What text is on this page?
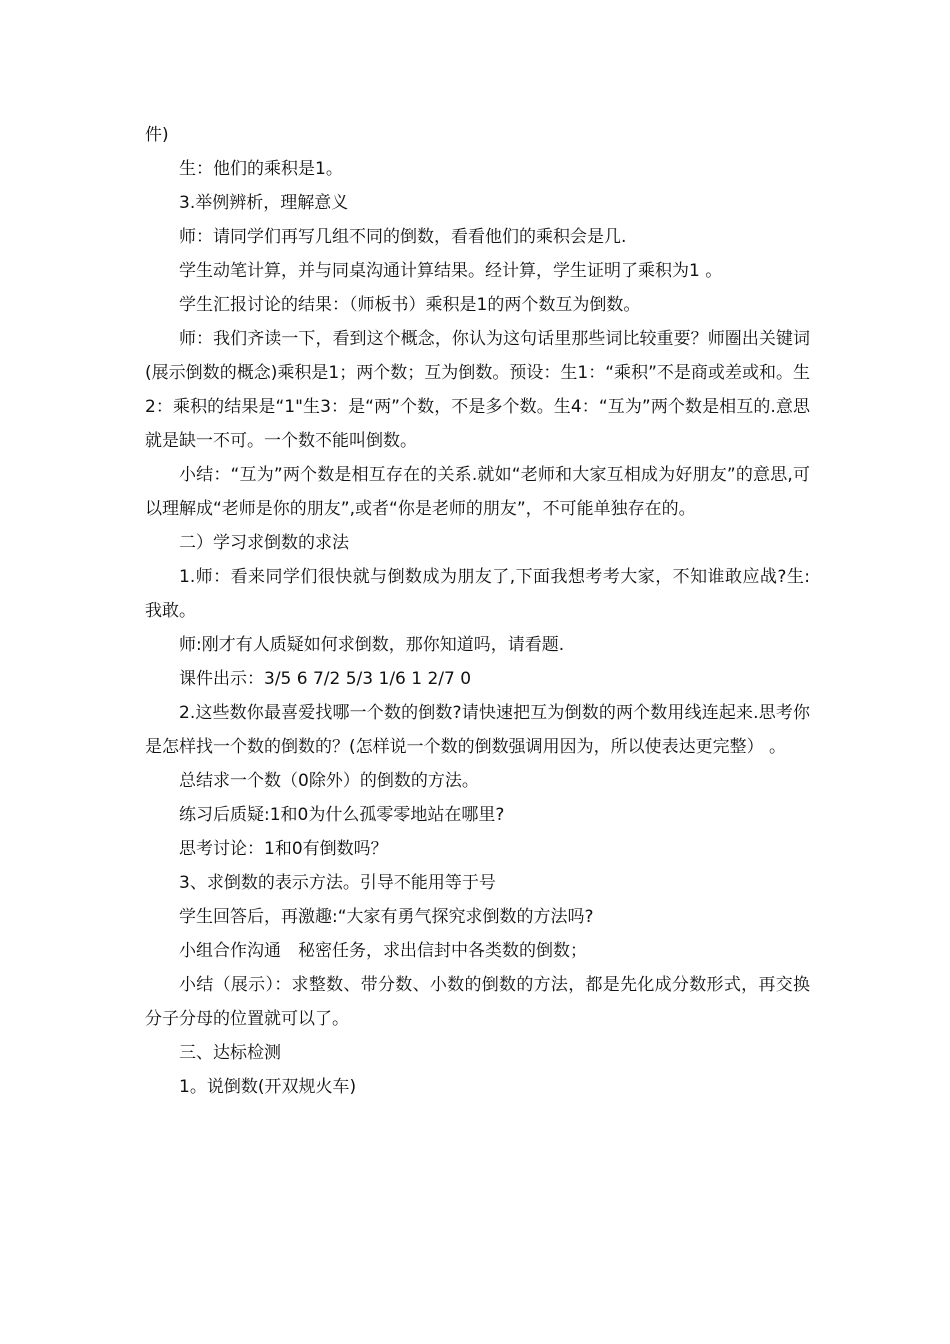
件)

生：他们的乘积是1。

3.举例辨析，理解意义

师：请同学们再写几组不同的倒数，看看他们的乘积会是几.

学生动笔计算，并与同桌沟通计算结果。经计算，学生证明了乘积为1 。

学生汇报讨论的结果：（师板书）乘积是1的两个数互为倒数。

师：我们齐读一下，看到这个概念，你认为这句话里那些词比较重要？师圈出关键词(展示倒数的概念)乘积是1；两个数；互为倒数。预设：生1：“乘积”不是商或差或和。生2：乘积的结果是“1"生3：是“两”个数，不是多个数。生4：“互为”两个数是相互的.意思就是缺一不可。一个数不能叫倒数。

小结：“互为”两个数是相互存在的关系.就如“老师和大家互相成为好朋友”的意思,可以理解成“老师是你的朋友”,或者“你是老师的朋友”，不可能单独存在的。

二）学习求倒数的求法

1.师：看来同学们很快就与倒数成为朋友了,下面我想考考大家，不知谁敢应战?生:我敢。

师:刚才有人质疑如何求倒数，那你知道吗，请看题.

课件出示：3/5 6 7/2 5/3 1/6 1 2/7 0

2.这些数你最喜爱找哪一个数的倒数?请快速把互为倒数的两个数用线连起来.思考你是怎样找一个数的倒数的？(怎样说一个数的倒数强调用因为，所以使表达更完整） 。

总结求一个数（0除外）的倒数的方法。

练习后质疑:1和0为什么孤零零地站在哪里?

思考讨论：1和0有倒数吗？

3、求倒数的表示方法。引导不能用等于号

学生回答后，再激趣:“大家有勇气探究求倒数的方法吗?

小组合作沟通　秘密任务，求出信封中各类数的倒数；

小结（展示）：求整数、带分数、小数的倒数的方法，都是先化成分数形式，再交换分子分母的位置就可以了。

三、达标检测

1。说倒数(开双规火车)
